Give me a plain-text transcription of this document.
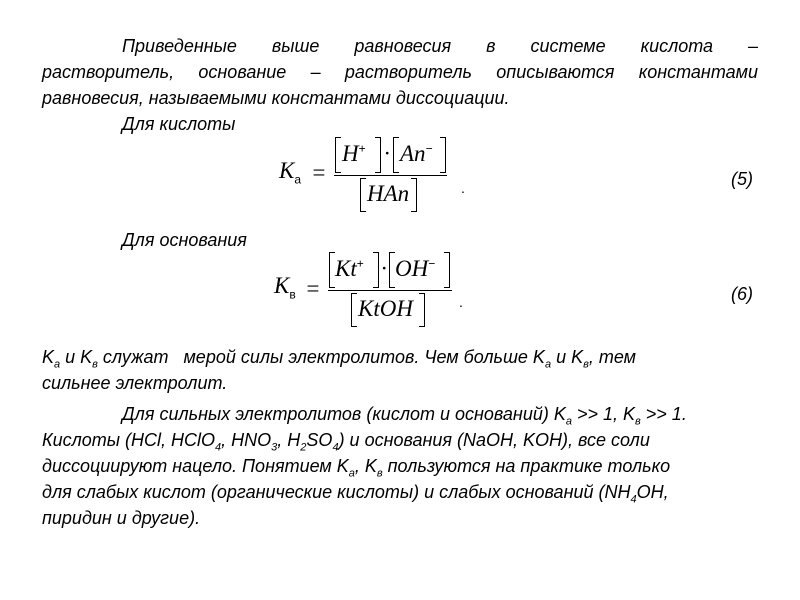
Приведенные выше равновесия в системе кислота –
растворитель, основание – растворитель описываются константами
равновесия, называемыми константами диссоциации.
Для кислоты
$K_a$ =
H+ · An−
HAn	.	(5)
Для основания
$K_в$ =
Kt+ · OH−
KtOH	.	(6)
$K_a$ и $K_в$ служат   мерой силы электролитов. Чем больше $K_a$ и $K_в$, тем
сильнее электролит.
Для сильных электролитов (кислот и оснований) $K_a >> 1$, $K_в >> 1$.
Кислоты (HCl, HClO$_4$, $HNO_3$, $H_2SO_4$) и основания (NaOH, KOH), все соли
диссоциируют нацело. Понятием $K_a$, $K_в$ пользуются на практике только
для слабых кислот (органические кислоты) и слабых оснований ($NH_4OH$,
пиридин и другие).
